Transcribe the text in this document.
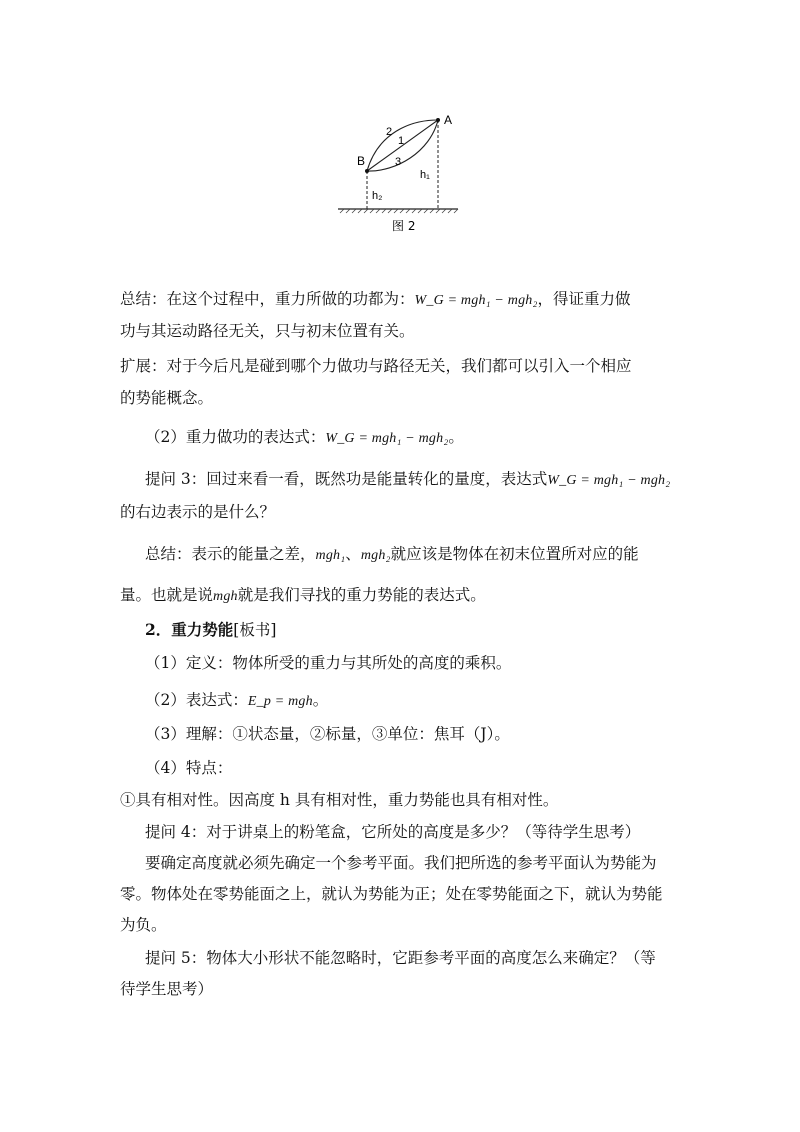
A
B
2
1
3
h₁
h₂
图 2
总结：在这个过程中，重力所做的功都为：W_G = mgh₁ − mgh₂，得证重力做
功与其运动路径无关，只与初末位置有关。
扩展：对于今后凡是碰到哪个力做功与路径无关，我们都可以引入一个相应
的势能概念。
（2）重力做功的表达式：W_G = mgh₁ − mgh₂。
提问 3：回过来看一看，既然功是能量转化的量度，表达式W_G = mgh₁ − mgh₂
的右边表示的是什么？
总结：表示的能量之差，mgh₁、mgh₂就应该是物体在初末位置所对应的能
量。也就是说mgh就是我们寻找的重力势能的表达式。
2．重力势能[板书]
（1）定义：物体所受的重力与其所处的高度的乘积。
（2）表达式：E_p = mgh。
（3）理解：①状态量，②标量，③单位：焦耳（J）。
（4）特点：
①具有相对性。因高度 h 具有相对性，重力势能也具有相对性。
提问 4：对于讲桌上的粉笔盒，它所处的高度是多少？（等待学生思考）
要确定高度就必须先确定一个参考平面。我们把所选的参考平面认为势能为
零。物体处在零势能面之上，就认为势能为正；处在零势能面之下，就认为势能
为负。
提问 5：物体大小形状不能忽略时，它距参考平面的高度怎么来确定？（等
待学生思考）
